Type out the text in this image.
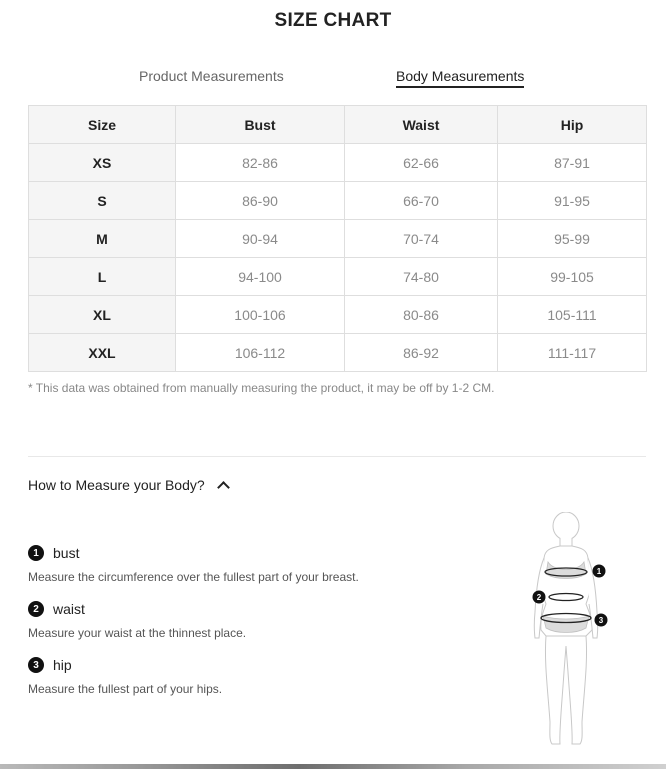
SIZE CHART
Product Measurements	Body Measurements
Size	Bust	Waist	Hip
XS	82-86	62-66	87-91
S	86-90	66-70	91-95
M	90-94	70-74	95-99
L	94-100	74-80	99-105
XL	100-106	80-86	105-111
XXL	106-112	86-92	111-117
* This data was obtained from manually measuring the product, it may be off by 1-2 CM.
How to Measure your Body?
1	bust
Measure the circumference over the fullest part of your breast.
2	waist
Measure your waist at the thinnest place.
3	hip
Measure the fullest part of your hips.
1
2
3
